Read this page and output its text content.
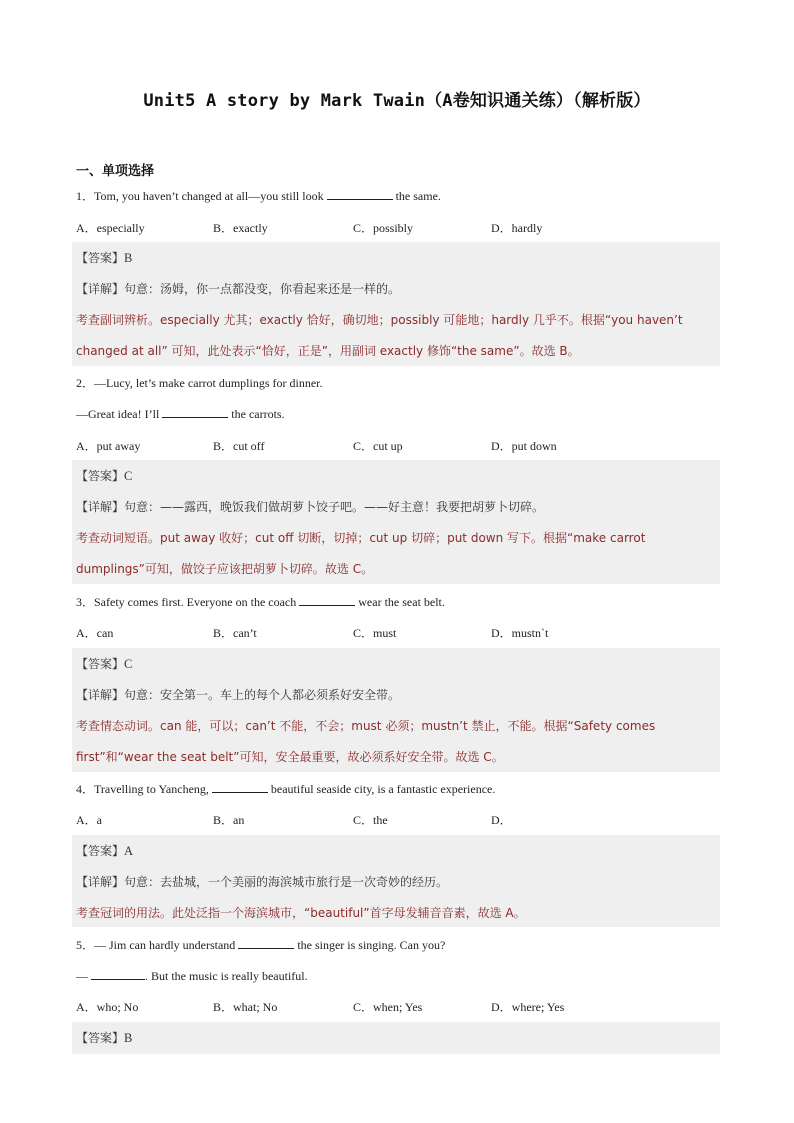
Unit5 A story by Mark Twain（A卷知识通关练）（解析版）
一、单项选择
1．Tom, you haven’t changed at all—you still look	the same.
A．especially	B．exactly	C．possibly	D．hardly
【答案】B
【详解】句意：汤姆，你一点都没变，你看起来还是一样的。
考查副词辨析。especially 尤其；exactly 恰好，确切地；possibly 可能地；hardly 几乎不。根据“you haven’t
changed at all” 可知，此处表示“恰好，正是”，用副词 exactly 修饰“the same”。故选 B。
2．—Lucy, let’s make carrot dumplings for dinner.
—Great idea! I’ll	the carrots.
A．put away	B．cut off	C．cut up	D．put down
【答案】C
【详解】句意：——露西，晚饭我们做胡萝卜饺子吧。——好主意！我要把胡萝卜切碎。
考查动词短语。put away 收好；cut off 切断，切掉；cut up 切碎；put down 写下。根据“make carrot
dumplings”可知，做饺子应该把胡萝卜切碎。故选 C。
3．Safety comes first. Everyone on the coach	wear the seat belt.
A．can	B．can’t	C．must	D．mustn`t
【答案】C
【详解】句意：安全第一。车上的每个人都必须系好安全带。
考查情态动词。can 能，可以；can’t 不能，不会；must 必须；mustn’t 禁止，不能。根据“Safety comes
first”和“wear the seat belt”可知，安全最重要，故必须系好安全带。故选 C。
4．Travelling to Yancheng,	beautiful seaside city, is a fantastic experience.
A．a	B．an	C．the	D．
【答案】A
【详解】句意：去盐城，一个美丽的海滨城市旅行是一次奇妙的经历。
考查冠词的用法。此处泛指一个海滨城市，“beautiful”首字母发辅音音素，故选 A。
5．— Jim can hardly understand	the singer is singing. Can you?
—	. But the music is really beautiful.
A．who; No	B．what; No	C．when; Yes	D．where; Yes
【答案】B
